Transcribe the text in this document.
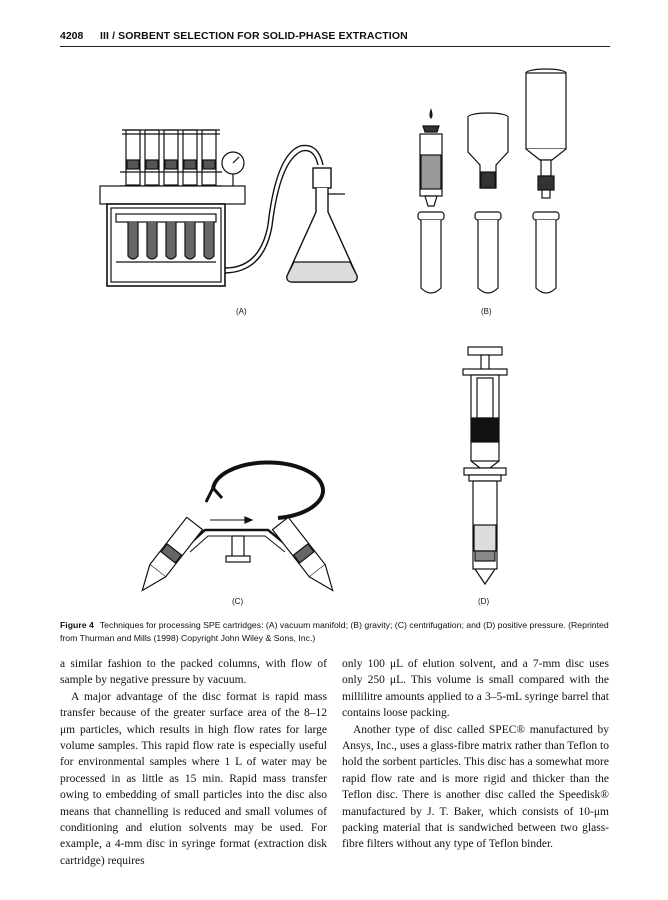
4208 III / SORBENT SELECTION FOR SOLID-PHASE EXTRACTION
(A)	(B)
(C)	(D)
Figure 4 Techniques for processing SPE cartridges: (A) vacuum manifold; (B) gravity; (C) centrifugation; and (D) positive pressure. (Reprinted from Thurman and Mills (1998) Copyright John Wiley & Sons, Inc.)

a similar fashion to the packed columns, with flow of sample by negative pressure by vacuum.

A major advantage of the disc format is rapid mass transfer because of the greater surface area of the 8–12 μm particles, which results in high flow rates for large volume samples. This rapid flow rate is especially useful for environmental samples where 1 L of water may be processed in as little as 15 min. Rapid mass transfer owing to embedding of small particles into the disc also means that channelling is reduced and small volumes of conditioning and elution solvents may be used. For example, a 4-mm disc in syringe format (extraction disk cartridge) requires

only 100 μL of elution solvent, and a 7-mm disc uses only 250 μL. This volume is small compared with the millilitre amounts applied to a 3–5-mL syringe barrel that contains loose packing.

Another type of disc called SPEC® manufactured by Ansys, Inc., uses a glass-fibre matrix rather than Teflon to hold the sorbent particles. This disc has a somewhat more rapid flow rate and is more rigid and thicker than the Teflon disc. There is another disc called the Speedisk® manufactured by J. T. Baker, which consists of 10-μm packing material that is sandwiched between two glass-fibre filters without any type of Teflon binder.
